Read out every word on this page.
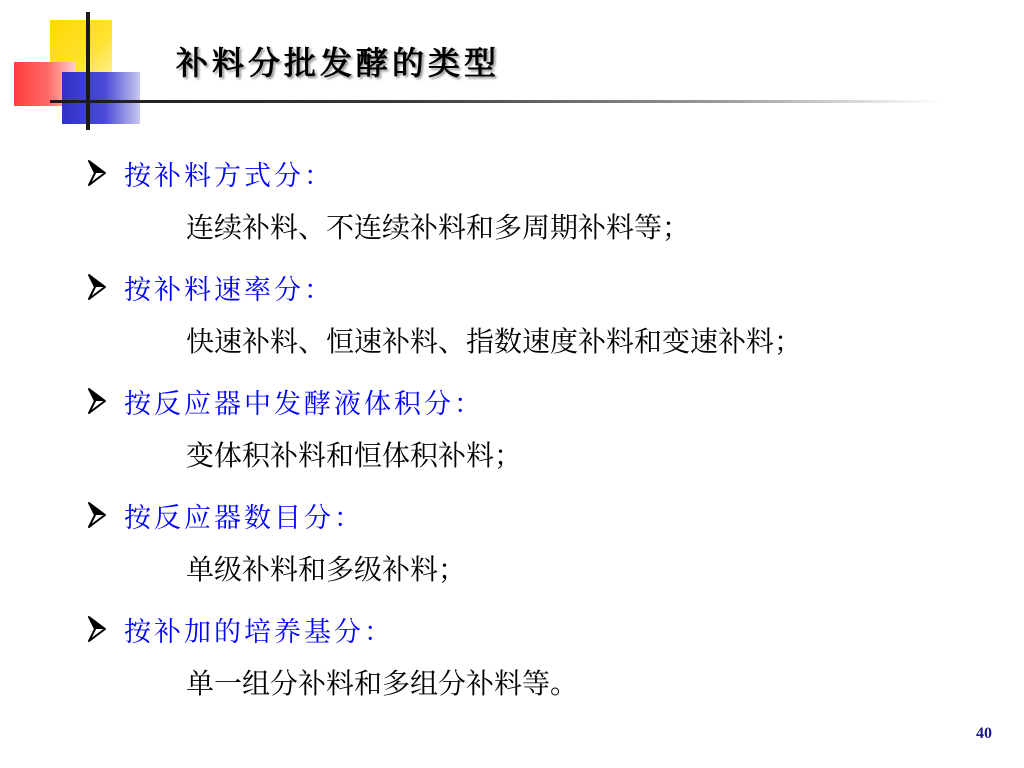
补料分批发酵的类型
按补料方式分：
连续补料、不连续补料和多周期补料等；
按补料速率分：
快速补料、恒速补料、指数速度补料和变速补料；
按反应器中发酵液体积分：
变体积补料和恒体积补料；
按反应器数目分：
单级补料和多级补料；
按补加的培养基分：
单一组分补料和多组分补料等。
40
